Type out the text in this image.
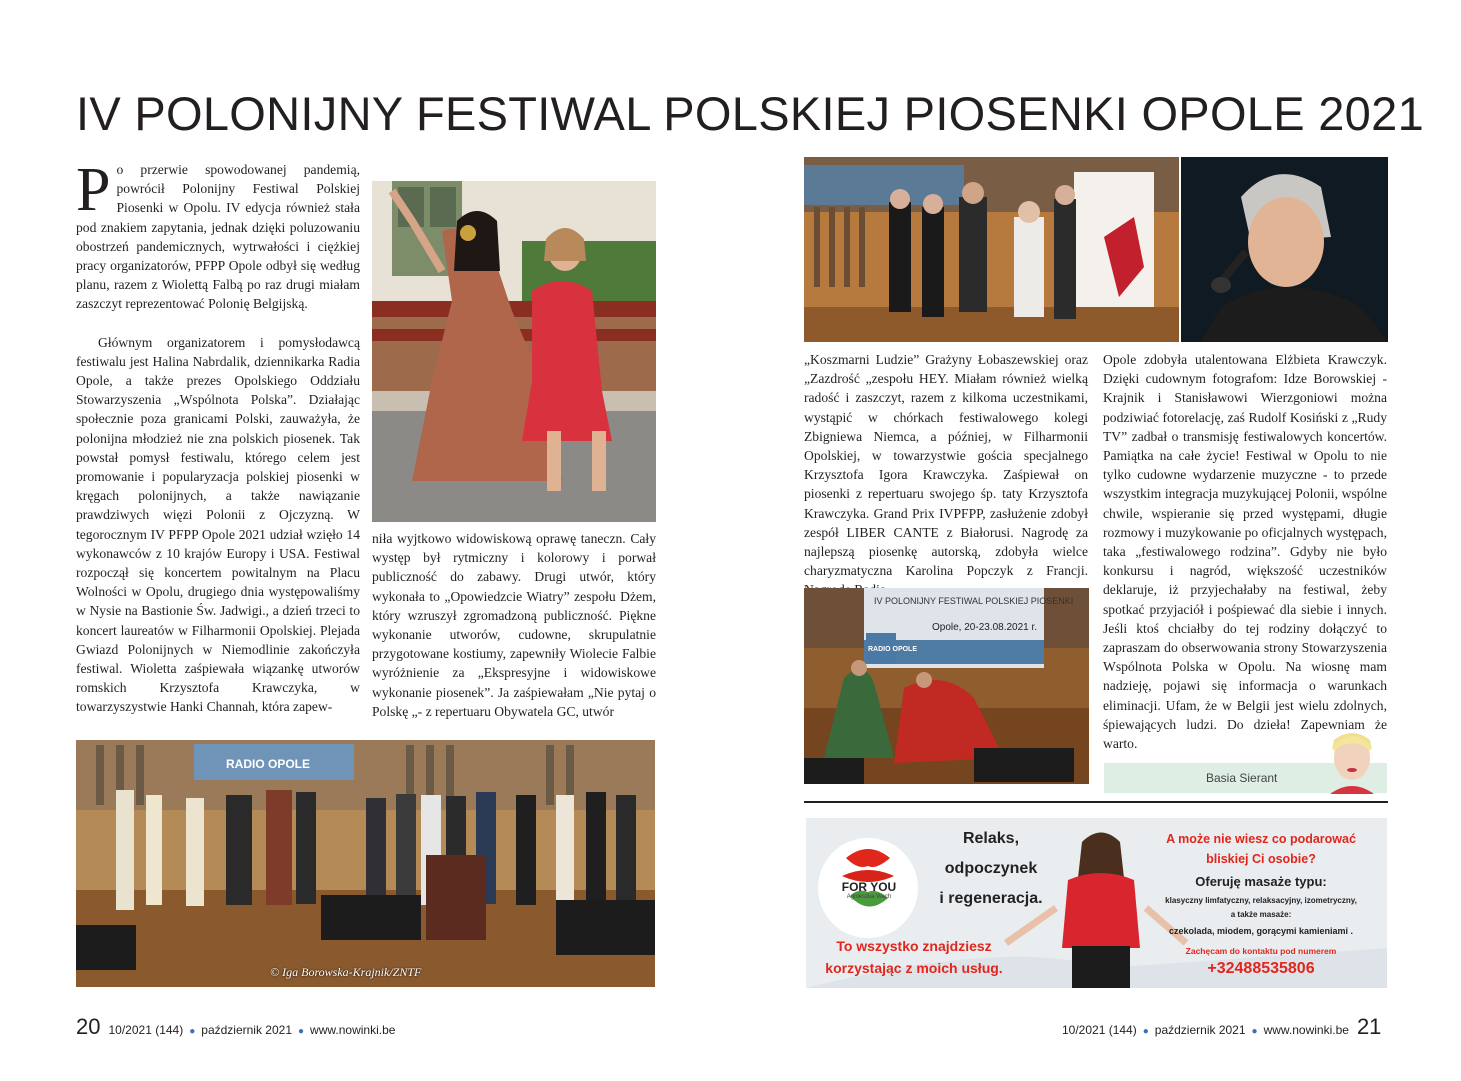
IV POLONIJNY FESTIWAL POLSKIEJ PIOSENKI OPOLE 2021

Po przerwie spowodowanej pandemią, powrócił Polonijny Festiwal Polskiej Piosenki w Opolu. IV edycja również stała pod znakiem zapytania, jednak dzięki poluzowaniu obostrzeń pandemicznych, wytrwałości i ciężkiej pracy organizatorów, PFPP Opole odbył się według planu, razem z Wiolettą Falbą po raz drugi miałam zaszczyt reprezentować Polonię Belgijską.

Głównym organizatorem i pomysłodawcą festiwalu jest Halina Nabrdalik, dziennikarka Radia Opole, a także prezes Opolskiego Oddziału Stowarzyszenia „Wspólnota Polska”. Działając społecznie poza granicami Polski, zauważyła, że polonijna młodzież nie zna polskich piosenek. Tak powstał pomysł festiwalu, którego celem jest promowanie i popularyzacja polskiej piosenki w kręgach polonijnych, a także nawiązanie prawdziwych więzi Polonii z Ojczyzną. W tegorocznym IV PFPP Opole 2021 udział wzięło 14 wykonawców z 10 krajów Europy i USA. Festiwal rozpoczął się koncertem powitalnym na Placu Wolności w Opolu, drugiego dnia występowaliśmy w Nysie na Bastionie Św. Jadwigi., a dzień trzeci to koncert laureatów w Filharmonii Opolskiej. Plejada Gwiazd Polonijnych w Niemodlinie zakończyła festiwal. Wioletta zaśpiewała wiązankę utworów romskich Krzysztofa Krawczyka, w towarzyszystwie Hanki Channah, która zapew-

niła wyjtkowo widowiskową oprawę taneczn. Cały występ był rytmiczny i kolorowy i porwał publiczność do zabawy. Drugi utwór, który wykonała to „Opowiedzcie Wiatry” zespołu Dżem, który wzruszył zgromadzoną publiczność. Piękne wykonanie utworów, cudowne, skrupulatnie przygotowane kostiumy, zapewniły Wiolecie Falbie wyróżnienie za „Ekspresyjne i widowiskowe wykonanie piosenek”. Ja zaśpiewałam „Nie pytaj o Polskę „- z repertuaru Obywatela GC, utwór

RADIO OPOLE
© Iga Borowska-Krajnik/ZNTF

„Koszmarni Ludzie” Grażyny Łobaszewskiej oraz „Zazdrość „zespołu HEY. Miałam również wielką radość i zaszczyt, razem z kilkoma uczestnikami, wystąpić w chórkach festiwalowego kolegi Zbigniewa Niemca, a później, w Filharmonii Opolskiej, w towarzystwie gościa specjalnego Krzysztofa Igora Krawczyka. Zaśpiewał on piosenki z repertuaru swojego śp. taty Krzysztofa Krawczyka. Grand Prix IVPFPP, zasłużenie zdobył zespół LIBER CANTE z Białorusi. Nagrodę za najlepszą piosenkę autorską, zdobyła wielce charyzmatyczna Karolina Popczyk z Francji.

IV POLONIJNY FESTIWAL POLSKIEJ PIOSENKI
Opole, 20-23.08.2021 r.
RADIO OPOLE

Opole zdobyła utalentowana Elżbieta Krawczyk. Dzięki cudownym fotografom: Idze Borowskiej -Krajnik i Stanisławowi Wierzgoniowi można podziwiać fotorelację, zaś Rudolf Kosiński z „Rudy TV” zadbał o transmisję festiwalowych koncertów. Pamiątka na całe życie! Festiwal w Opolu to nie tylko cudowne wydarzenie muzyczne - to przede wszystkim integracja muzykującej Polonii, wspólne chwile, wspieranie się przed występami, długie rozmowy i muzykowanie po oficjalnych występach, taka „festiwalowego rodzina”. Gdyby nie było konkursu i nagród, większość uczestników deklaruje, iż przyjechałaby na festiwal, żeby spotkać przyjaciół i pośpiewać dla siebie i innych. Jeśli ktoś chciałby do tej rodziny dołączyć to zapraszam do obserwowania strony Stowarzyszenia Wspólnota Polska w Opolu. Na wiosnę mam nadzieję, pojawi się informacja o warunkach eliminacji. Ufam, że w Belgii jest wielu zdolnych, śpiewających ludzi. Do dzieła! Zapewniam że warto.

Basia Sierant
FOR YOU
Agnieszka Wach
Relaks,
odpoczynek
i regeneracja.
To wszystko znajdziesz
korzystając z moich usług.
A może nie wiesz co podarować
bliskiej Ci osobie?
Oferuję masaże typu:
klasyczny limfatyczny, relaksacyjny, izometryczny,
a także masaże:
czekolada, miodem, gorącymi kamieniami .
Zachęcam do kontaktu pod numerem
+32488535806
20 10/2021 (144) ● październik 2021 ● www.nowinki.be	10/2021 (144) ● październik 2021 ● www.nowinki.be 21
